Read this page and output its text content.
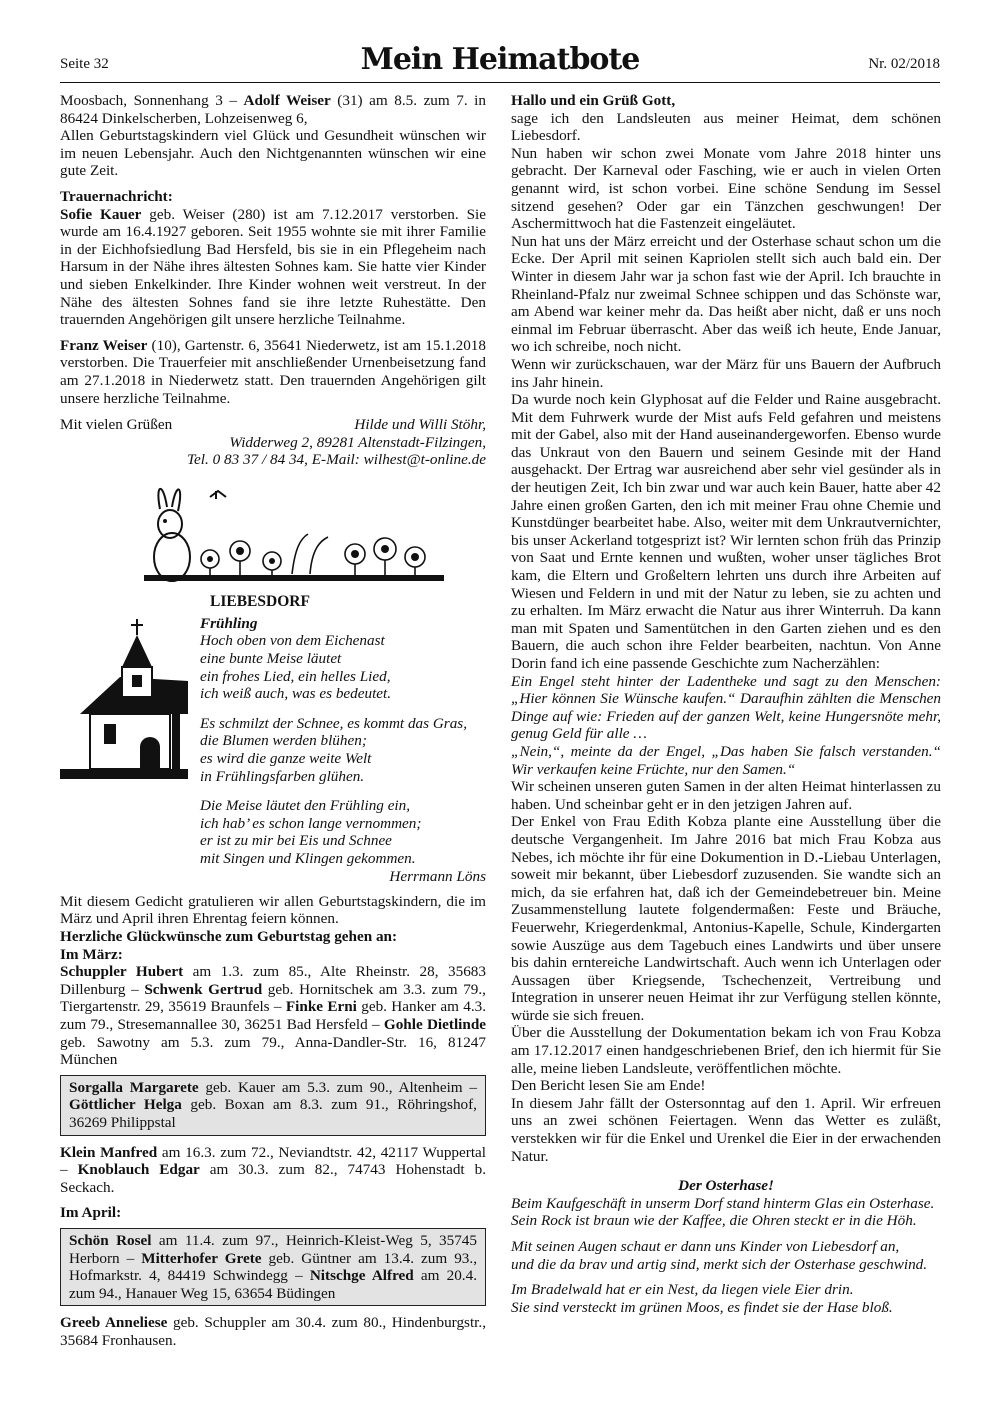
Seite 32	Mein Heimatbote	Nr. 02/2018

Moosbach, Sonnenhang 3 – Adolf Weiser (31) am 8.5. zum 7. in 86424 Dinkelscherben, Lohzeisenweg 6,

Allen Geburtstagskindern viel Glück und Gesundheit wünschen wir im neuen Lebensjahr. Auch den Nichtgenannten wünschen wir eine gute Zeit.

Trauernachricht:

Sofie Kauer geb. Weiser (280) ist am 7.12.2017 verstorben. Sie wurde am 16.4.1927 geboren. Seit 1955 wohnte sie mit ihrer Familie in der Eichhofsiedlung Bad Hersfeld, bis sie in ein Pflegeheim nach Harsum in der Nähe ihres ältesten Sohnes kam. Sie hatte vier Kinder und sieben Enkelkinder. Ihre Kinder wohnen weit verstreut. In der Nähe des ältesten Sohnes fand sie ihre letzte Ruhestätte. Den trauernden Angehörigen gilt unsere herzliche Teilnahme.

Franz Weiser (10), Gartenstr. 6, 35641 Niederwetz, ist am 15.1.2018 verstorben. Die Trauerfeier mit anschließender Urnenbeisetzung fand am 27.1.2018 in Niederwetz statt. Den trauernden Angehörigen gilt unsere herzliche Teilnahme.

Mit vielen Grüßen	Hilde und Willi Stöhr,

Widderweg 2, 89281 Altenstadt-Filzingen,

Tel. 0 83 37 / 84 34, E-Mail: wilhest@t-online.de

LIEBESDORF

Frühling

Hoch oben von dem Eichenast

eine bunte Meise läutet

ein frohes Lied, ein helles Lied,

ich weiß auch, was es bedeutet.

Es schmilzt der Schnee, es kommt das Gras,

die Blumen werden blühen;

es wird die ganze weite Welt

in Frühlingsfarben glühen.

Die Meise läutet den Frühling ein,

ich hab’ es schon lange vernommen;

er ist zu mir bei Eis und Schnee

mit Singen und Klingen gekommen.

Herrmann Löns

Mit diesem Gedicht gratulieren wir allen Geburtstagskindern, die im März und April ihren Ehrentag feiern können.

Herzliche Glückwünsche zum Geburtstag gehen an:

Im März:

Schuppler Hubert am 1.3. zum 85., Alte Rheinstr. 28, 35683 Dillenburg – Schwenk Gertrud geb. Hornitschek am 3.3. zum 79., Tiergartenstr. 29, 35619 Braunfels – Finke Erni geb. Hanker am 4.3. zum 79., Stresemannallee 30, 36251 Bad Hersfeld – Gohle Dietlinde geb. Sawotny am 5.3. zum 79., Anna-Dandler-Str. 16, 81247 München

Sorgalla Margarete geb. Kauer am 5.3. zum 90., Altenheim – Göttlicher Helga geb. Boxan am 8.3. zum 91., Röhringshof, 36269 Philippstal

Klein Manfred am 16.3. zum 72., Neviandtstr. 42, 42117 Wuppertal – Knoblauch Edgar am 30.3. zum 82., 74743 Hohenstadt b. Seckach.

Im April:

Schön Rosel am 11.4. zum 97., Heinrich-Kleist-Weg 5, 35745 Herborn – Mitterhofer Grete geb. Güntner am 13.4. zum 93., Hofmarkstr. 4, 84419 Schwindegg – Nitschge Alfred am 20.4. zum 94., Hanauer Weg 15, 63654 Büdingen

Greeb Anneliese geb. Schuppler am 30.4. zum 80., Hindenburgstr., 35684 Fronhausen.

Hallo und ein Grüß Gott,

sage ich den Landsleuten aus meiner Heimat, dem schönen Liebesdorf.

Nun haben wir schon zwei Monate vom Jahre 2018 hinter uns gebracht. Der Karneval oder Fasching, wie er auch in vielen Orten genannt wird, ist schon vorbei. Eine schöne Sendung im Sessel sitzend gesehen? Oder gar ein Tänzchen geschwungen! Der Aschermittwoch hat die Fastenzeit eingeläutet.

Nun hat uns der März erreicht und der Osterhase schaut schon um die Ecke. Der April mit seinen Kapriolen stellt sich auch bald ein. Der Winter in diesem Jahr war ja schon fast wie der April. Ich brauchte in Rheinland-Pfalz nur zweimal Schnee schippen und das Schönste war, am Abend war keiner mehr da. Das heißt aber nicht, daß er uns noch einmal im Februar überrascht. Aber das weiß ich heute, Ende Januar, wo ich schreibe, noch nicht.

Wenn wir zurückschauen, war der März für uns Bauern der Aufbruch ins Jahr hinein.

Da wurde noch kein Glyphosat auf die Felder und Raine ausgebracht. Mit dem Fuhrwerk wurde der Mist aufs Feld gefahren und meistens mit der Gabel, also mit der Hand auseinandergeworfen. Ebenso wurde das Unkraut von den Bauern und seinem Gesinde mit der Hand ausgehackt. Der Ertrag war ausreichend aber sehr viel gesünder als in der heutigen Zeit, Ich bin zwar und war auch kein Bauer, hatte aber 42 Jahre einen großen Garten, den ich mit meiner Frau ohne Chemie und Kunstdünger bearbeitet habe. Also, weiter mit dem Unkrautvernichter, bis unser Ackerland totgesprizt ist? Wir lernten schon früh das Prinzip von Saat und Ernte kennen und wußten, woher unser tägliches Brot kam, die Eltern und Großeltern lehrten uns durch ihre Arbeiten auf Wiesen und Feldern in und mit der Natur zu leben, sie zu achten und zu erhalten. Im März erwacht die Natur aus ihrer Winterruh. Da kann man mit Spaten und Samentütchen in den Garten ziehen und es den Bauern, die auch schon ihre Felder bearbeiten, nachtun. Von Anne Dorin fand ich eine passende Geschichte zum Nacherzählen:

Ein Engel steht hinter der Ladentheke und sagt zu den Menschen: „Hier können Sie Wünsche kaufen.“ Daraufhin zählten die Menschen Dinge auf wie: Frieden auf der ganzen Welt, keine Hungersnöte mehr, genug Geld für alle …

„Nein,“, meinte da der Engel, „Das haben Sie falsch verstanden.“ Wir verkaufen keine Früchte, nur den Samen.“

Wir scheinen unseren guten Samen in der alten Heimat hinterlassen zu haben. Und scheinbar geht er in den jetzigen Jahren auf.

Der Enkel von Frau Edith Kobza plante eine Ausstellung über die deutsche Vergangenheit. Im Jahre 2016 bat mich Frau Kobza aus Nebes, ich möchte ihr für eine Dokumention in D.-Liebau Unterlagen, soweit mir bekannt, über Liebesdorf zuzusenden. Sie wandte sich an mich, da sie erfahren hat, daß ich der Gemeindebetreuer bin. Meine Zusammenstellung lautete folgendermaßen: Feste und Bräuche, Feuerwehr, Kriegerdenkmal, Antonius-Kapelle, Schule, Kindergarten sowie Auszüge aus dem Tagebuch eines Landwirts und über unsere bis dahin erntereiche Landwirtschaft. Auch wenn ich Unterlagen oder Aussagen über Kriegsende, Tschechenzeit, Vertreibung und Integration in unserer neuen Heimat ihr zur Verfügung stellen könnte, würde sie sich freuen.

Über die Ausstellung der Dokumentation bekam ich von Frau Kobza am 17.12.2017 einen handgeschriebenen Brief, den ich hiermit für Sie alle, meine lieben Landsleute, veröffentlichen möchte.

Den Bericht lesen Sie am Ende!

In diesem Jahr fällt der Ostersonntag auf den 1. April. Wir erfreuen uns an zwei schönen Feiertagen. Wenn das Wetter es zuläßt, verstekken wir für die Enkel und Urenkel die Eier in der erwachenden Natur.

Der Osterhase!

Beim Kaufgeschäft in unserm Dorf stand hinterm Glas ein Osterhase.

Sein Rock ist braun wie der Kaffee, die Ohren steckt er in die Höh.

Mit seinen Augen schaut er dann uns Kinder von Liebesdorf an,

und die da brav und artig sind, merkt sich der Osterhase geschwind.

Im Bradelwald hat er ein Nest, da liegen viele Eier drin.

Sie sind versteckt im grünen Moos, es findet sie der Hase bloß.
